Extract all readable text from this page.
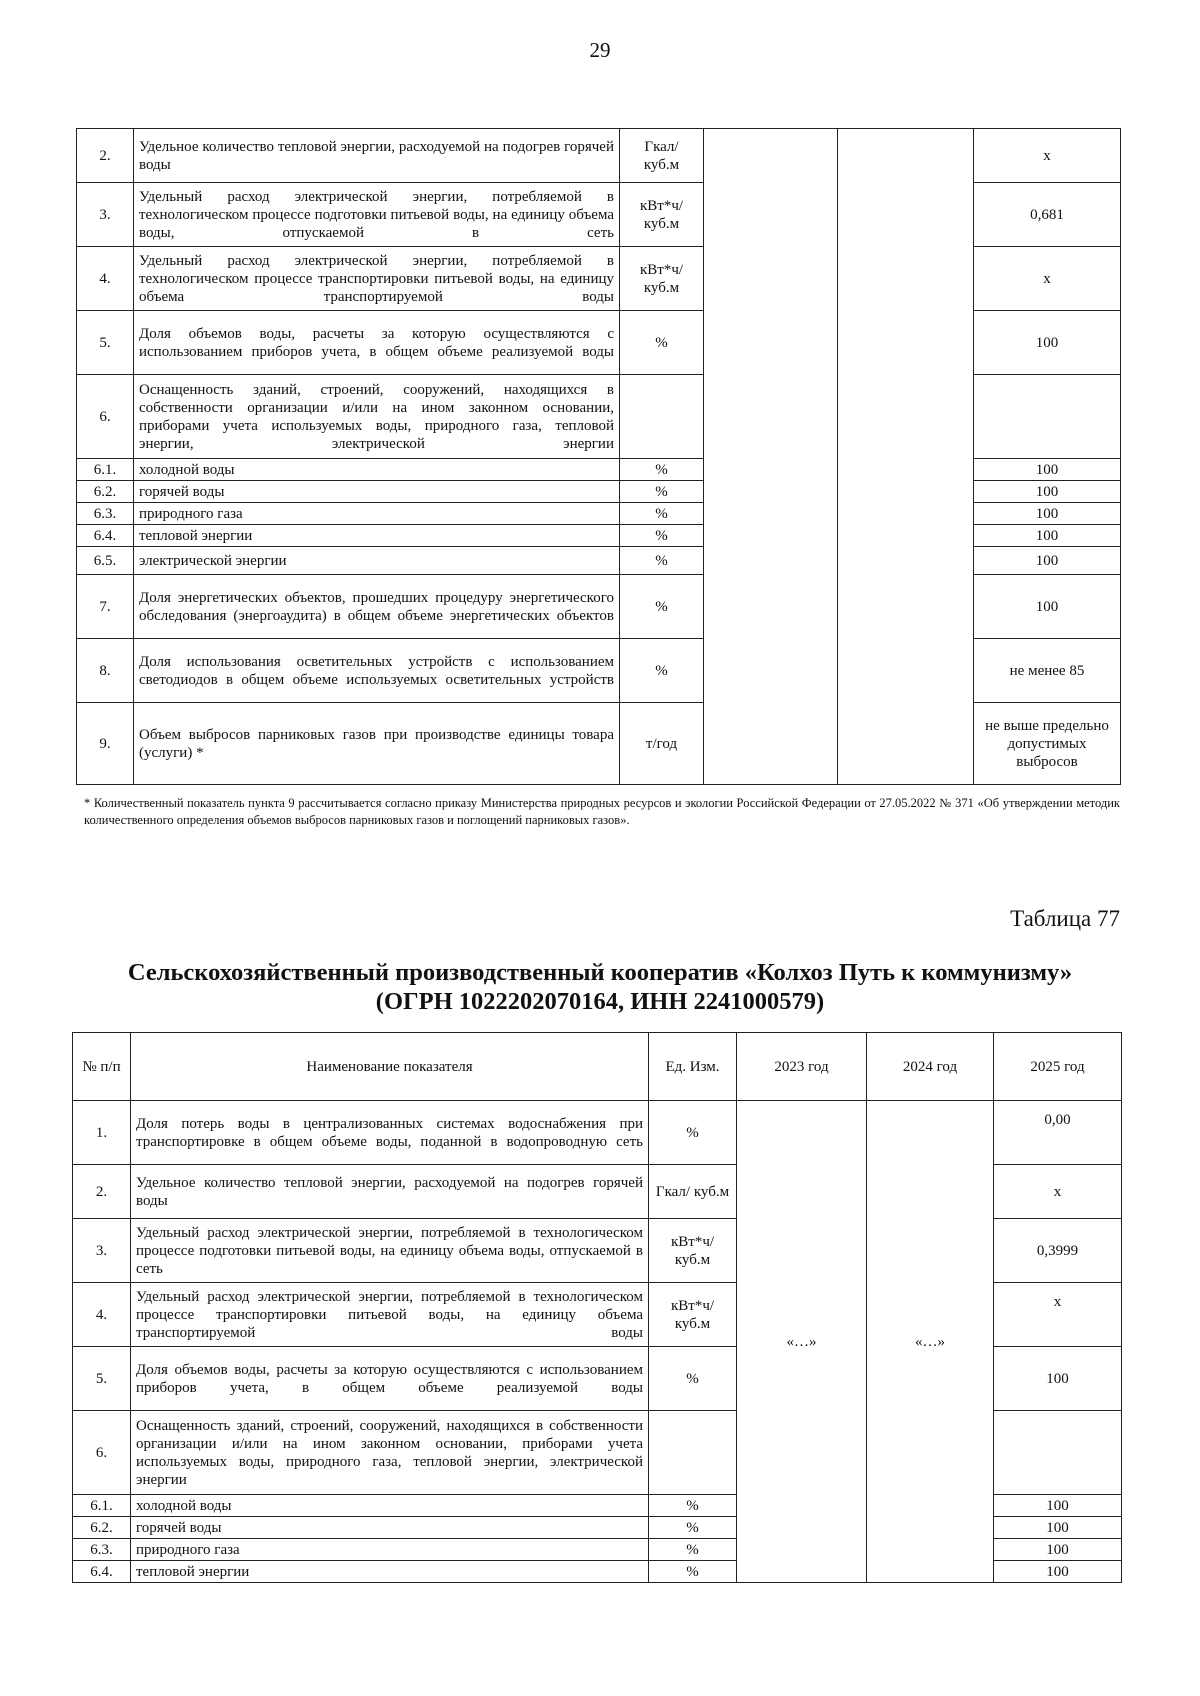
29
2.	Удельное количество тепловой энергии, расходуемой на подогрев горячей воды	Гкал/ куб.м			х
3.	Удельный расход электрической энергии, потребляемой в технологическом процессе подготовки питьевой воды, на единицу объема воды, отпускаемой в сеть	кВт*ч/ куб.м			0,681
4.	Удельный расход электрической энергии, потребляемой в технологическом процессе транспортировки питьевой воды, на единицу объема транспортируемой воды	кВт*ч/ куб.м			х
5.	Доля объемов воды, расчеты за которую осуществляются с использованием приборов учета, в общем объеме реализуемой воды	%			100
6.	Оснащенность зданий, строений, сооружений, находящихся в собственности организации и/или на ином законном основании, приборами учета используемых воды, природного газа, тепловой энергии, электрической энергии				
6.1.	холодной воды	%			100
6.2.	горячей воды	%			100
6.3.	природного газа	%			100
6.4.	тепловой энергии	%			100
6.5.	электрической энергии	%			100
7.	Доля энергетических объектов, прошедших процедуру энергетического обследования (энергоаудита) в общем объеме энергетических объектов	%			100
8.	Доля использования осветительных устройств с использованием светодиодов в общем объеме используемых осветительных устройств	%			не менее 85
9.	Объем выбросов парниковых газов при производстве единицы товара (услуги) *	т/год			не выше предельно допустимых выбросов
* Количественный показатель пункта 9 рассчитывается согласно приказу Министерства природных ресурсов и экологии Российской Федерации от 27.05.2022 № 371 «Об утверждении методик количественного определения объемов выбросов парниковых газов и поглощений парниковых газов».
Таблица 77
Сельскохозяйственный производственный кооператив «Колхоз Путь к коммунизму»
(ОГРН 1022202070164, ИНН 2241000579)
№ п/п	Наименование показателя	Ед. Изм.	2023 год	2024 год	2025 год
1.	Доля потерь воды в централизованных системах водоснабжения при транспортировке в общем объеме воды, поданной в водопроводную сеть	%	«…»	«…»	0,00
2.	Удельное количество тепловой энергии, расходуемой на подогрев горячей воды	Гкал/ куб.м			х
3.	Удельный расход электрической энергии, потребляемой в технологическом процессе подготовки питьевой воды, на единицу объема воды, отпускаемой в сеть	кВт*ч/ куб.м			0,3999
4.	Удельный расход электрической энергии, потребляемой в технологическом процессе транспортировки питьевой воды, на единицу объема транспортируемой воды	кВт*ч/ куб.м			х
5.	Доля объемов воды, расчеты за которую осуществляются с использованием приборов учета, в общем объеме реализуемой воды	%			100
6.	Оснащенность зданий, строений, сооружений, находящихся в собственности организации и/или на ином законном основании, приборами учета используемых воды, природного газа, тепловой энергии, электрической энергии				
6.1.	холодной воды	%			100
6.2.	горячей воды	%			100
6.3.	природного газа	%			100
6.4.	тепловой энергии	%			100
